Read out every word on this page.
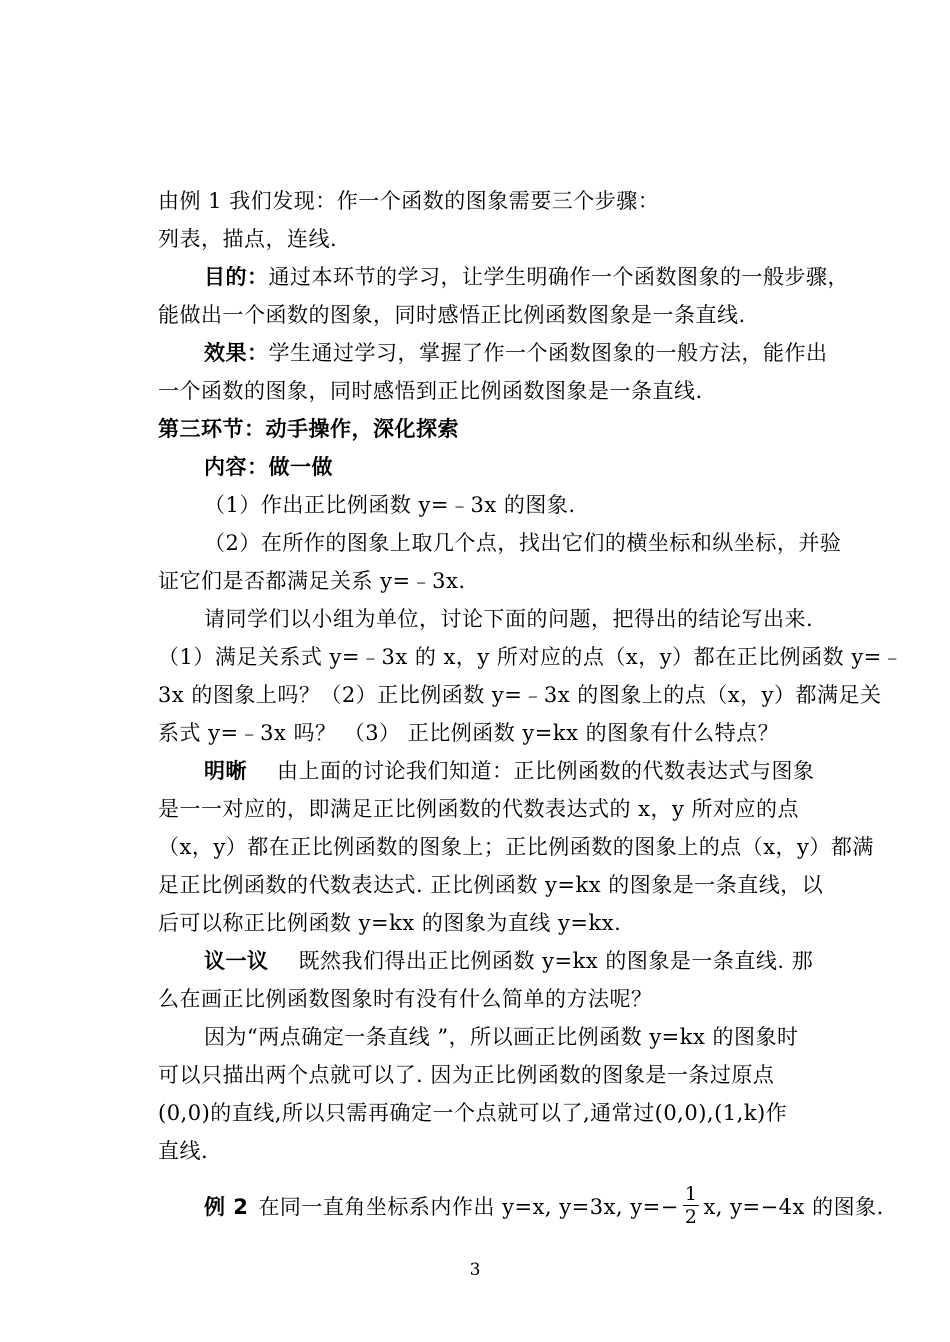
由例 1 我们发现：作一个函数的图象需要三个步骤：
列表，描点，连线.
目的：通过本环节的学习，让学生明确作一个函数图象的一般步骤，
能做出一个函数的图象，同时感悟正比例函数图象是一条直线.
效果：学生通过学习，掌握了作一个函数图象的一般方法，能作出
一个函数的图象，同时感悟到正比例函数图象是一条直线.
第三环节：动手操作，深化探索
内容：做一做
（1）作出正比例函数 y=﹣3x 的图象.
（2）在所作的图象上取几个点，找出它们的横坐标和纵坐标，并验
证它们是否都满足关系 y=﹣3x.
请同学们以小组为单位，讨论下面的问题，把得出的结论写出来.
（1）满足关系式 y=﹣3x 的 x，y 所对应的点（x，y）都在正比例函数 y=﹣
3x 的图象上吗？（2）正比例函数 y=﹣3x 的图象上的点（x，y）都满足关
系式 y=﹣3x 吗？ （3） 正比例函数 y=kx 的图象有什么特点？
明晰 由上面的讨论我们知道：正比例函数的代数表达式与图象
是一一对应的，即满足正比例函数的代数表达式的 x，y 所对应的点
（x，y）都在正比例函数的图象上；正比例函数的图象上的点（x，y）都满
足正比例函数的代数表达式. 正比例函数 y=kx 的图象是一条直线，以
后可以称正比例函数 y=kx 的图象为直线 y=kx.
议一议 既然我们得出正比例函数 y=kx 的图象是一条直线. 那
么在画正比例函数图象时有没有什么简单的方法呢？
因为“两点确定一条直线 ”，所以画正比例函数 y=kx 的图象时
可以只描出两个点就可以了. 因为正比例函数的图象是一条过原点
(0,0)的直线,所以只需再确定一个点就可以了,通常过(0,0),(1,k)作
直线.
例 2 在同一直角坐标系内作出 y=x, y=3x, $y=- \frac{1}{2} x$, y=−4x 的图象.
3
